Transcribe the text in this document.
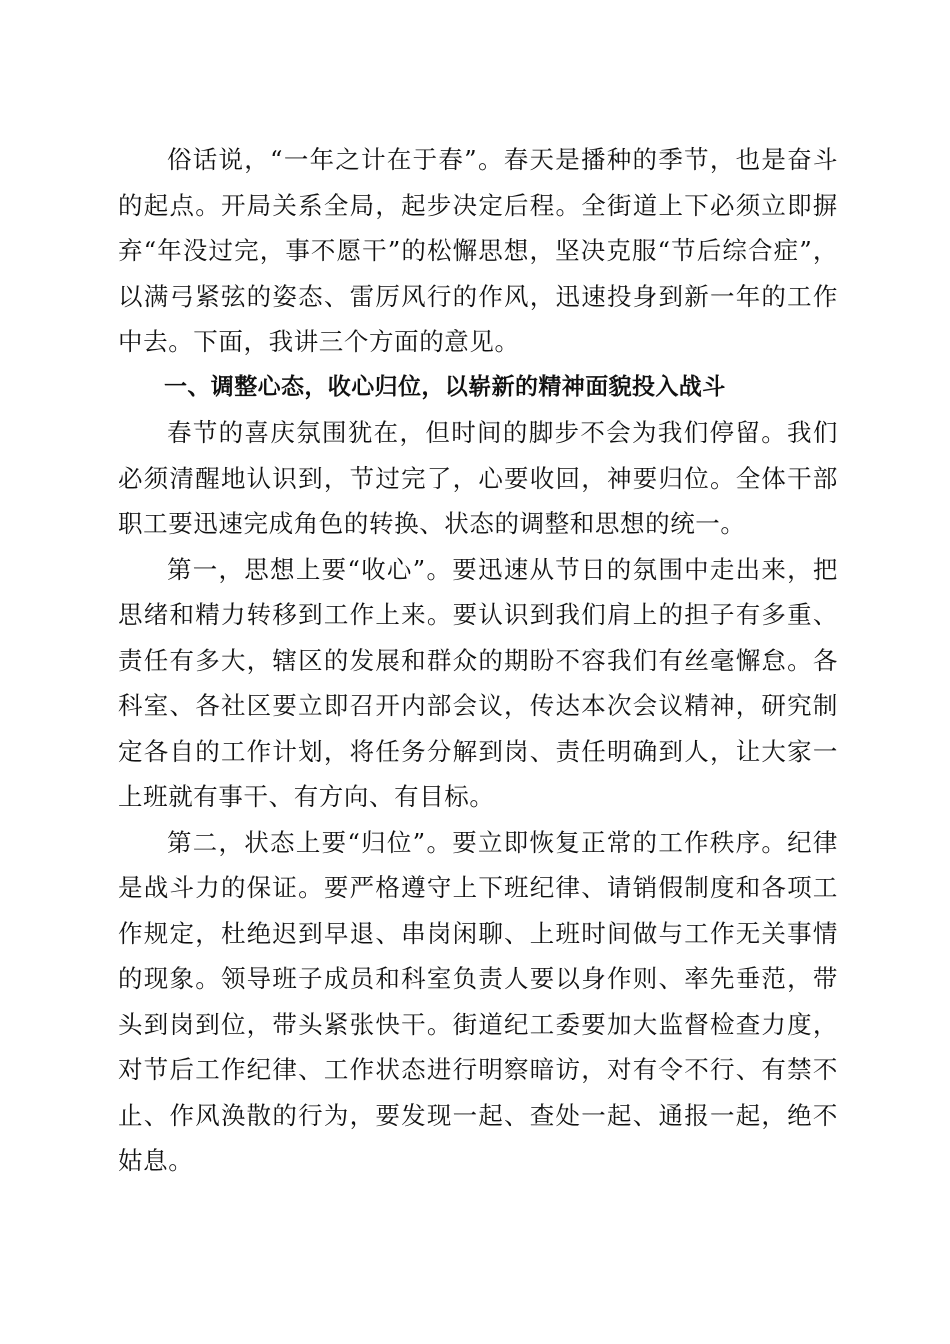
俗话说，“一年之计在于春”。春天是播种的季节，也是奋斗的起点。开局关系全局，起步决定后程。全街道上下必须立即摒弃“年没过完，事不愿干”的松懈思想，坚决克服“节后综合症”，以满弓紧弦的姿态、雷厉风行的作风，迅速投身到新一年的工作中去。下面，我讲三个方面的意见。

一、调整心态，收心归位，以崭新的精神面貌投入战斗

春节的喜庆氛围犹在，但时间的脚步不会为我们停留。我们必须清醒地认识到，节过完了，心要收回，神要归位。全体干部职工要迅速完成角色的转换、状态的调整和思想的统一。

第一，思想上要“收心”。要迅速从节日的氛围中走出来，把思绪和精力转移到工作上来。要认识到我们肩上的担子有多重、责任有多大，辖区的发展和群众的期盼不容我们有丝毫懈怠。各科室、各社区要立即召开内部会议，传达本次会议精神，研究制定各自的工作计划，将任务分解到岗、责任明确到人，让大家一上班就有事干、有方向、有目标。

第二，状态上要“归位”。要立即恢复正常的工作秩序。纪律是战斗力的保证。要严格遵守上下班纪律、请销假制度和各项工作规定，杜绝迟到早退、串岗闲聊、上班时间做与工作无关事情的现象。领导班子成员和科室负责人要以身作则、率先垂范，带头到岗到位，带头紧张快干。街道纪工委要加大监督检查力度，对节后工作纪律、工作状态进行明察暗访，对有令不行、有禁不止、作风涣散的行为，要发现一起、查处一起、通报一起，绝不姑息。
